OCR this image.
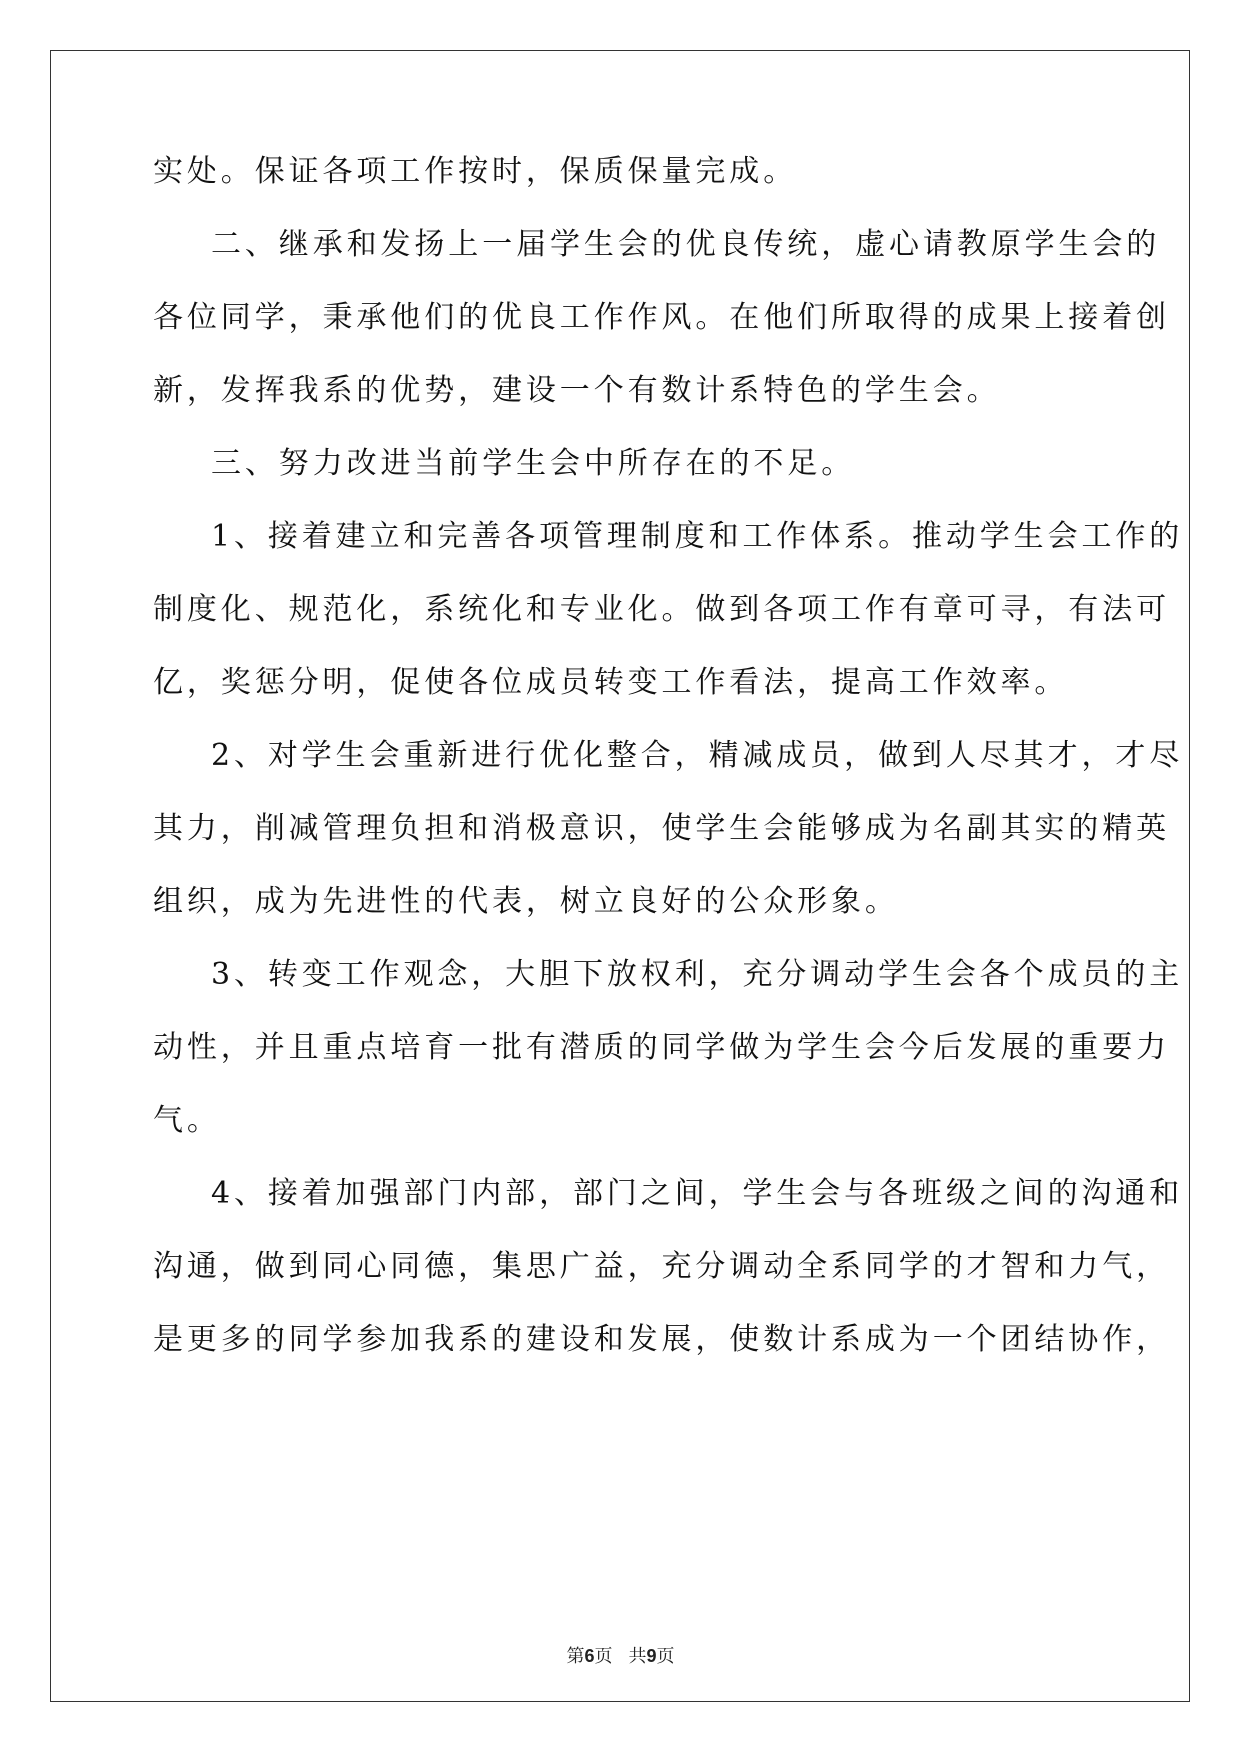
实处。保证各项工作按时，保质保量完成。
二、继承和发扬上一届学生会的优良传统，虚心请教原学生会的
各位同学，秉承他们的优良工作作风。在他们所取得的成果上接着创
新，发挥我系的优势，建设一个有数计系特色的学生会。
三、努力改进当前学生会中所存在的不足。
1、接着建立和完善各项管理制度和工作体系。推动学生会工作的
制度化、规范化，系统化和专业化。做到各项工作有章可寻，有法可
亿，奖惩分明，促使各位成员转变工作看法，提高工作效率。
2、对学生会重新进行优化整合，精减成员，做到人尽其才，才尽
其力，削减管理负担和消极意识，使学生会能够成为名副其实的精英
组织，成为先进性的代表，树立良好的公众形象。
3、转变工作观念，大胆下放权利，充分调动学生会各个成员的主
动性，并且重点培育一批有潜质的同学做为学生会今后发展的重要力
气。
4、接着加强部门内部，部门之间，学生会与各班级之间的沟通和
沟通，做到同心同德，集思广益，充分调动全系同学的才智和力气，
是更多的同学参加我系的建设和发展，使数计系成为一个团结协作，
第6页 共9页
